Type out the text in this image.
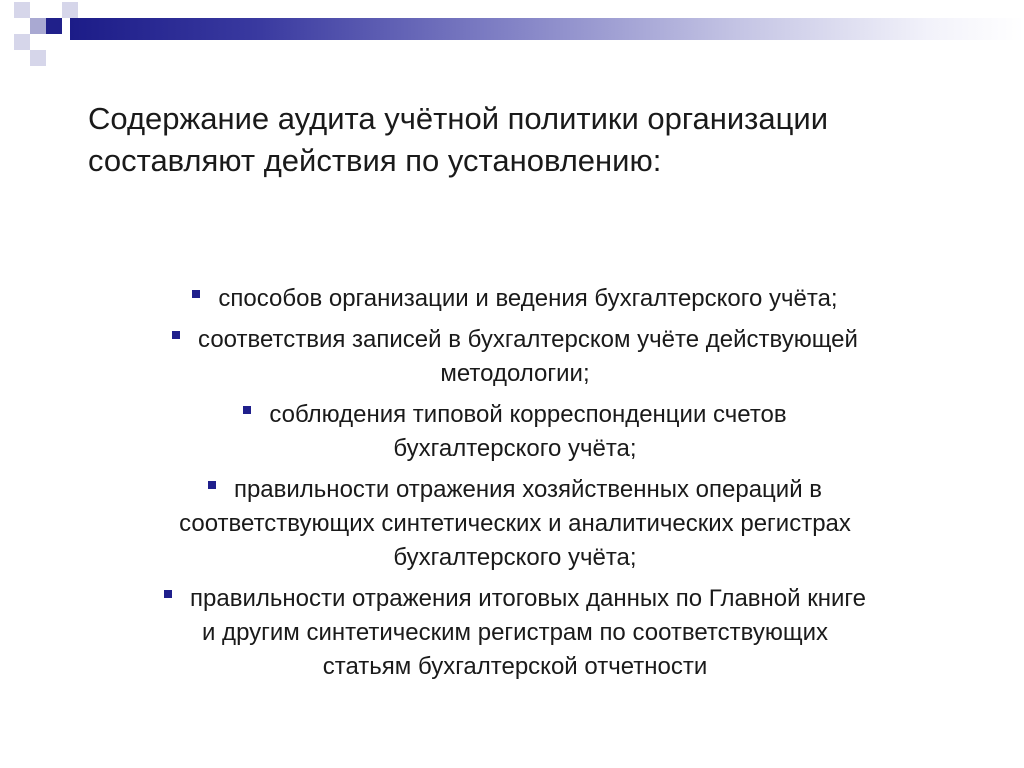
Содержание аудита учётной политики организации
составляют действия по установлению:
способов организации и ведения бухгалтерского учёта;
соответствия записей в бухгалтерском учёте действующей
методологии;
соблюдения типовой корреспонденции счетов
бухгалтерского учёта;
правильности отражения хозяйственных операций в
соответствующих синтетических и аналитических регистрах
бухгалтерского учёта;
правильности отражения итоговых данных по Главной книге
и другим синтетическим регистрам по соответствующих
статьям бухгалтерской отчетности
